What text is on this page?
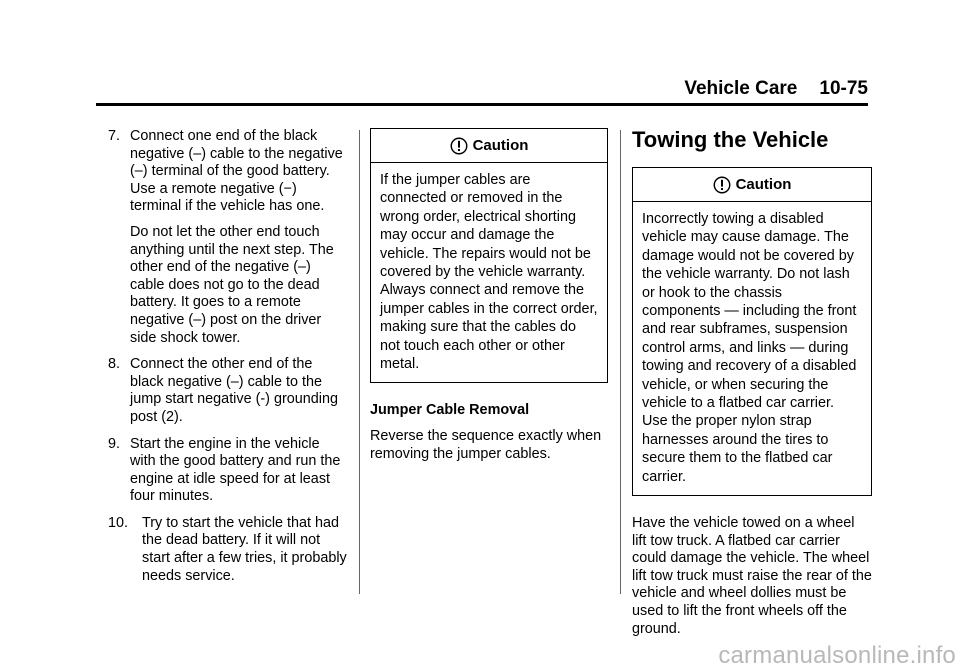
Vehicle Care 10-75
7. Connect one end of the black negative (–) cable to the negative (–) terminal of the good battery. Use a remote negative (−) terminal if the vehicle has one.
Do not let the other end touch anything until the next step. The other end of the negative (–) cable does not go to the dead battery. It goes to a remote negative (–) post on the driver side shock tower.
8. Connect the other end of the black negative (–) cable to the jump start negative (-) grounding post (2).
9. Start the engine in the vehicle with the good battery and run the engine at idle speed for at least four minutes.
10. Try to start the vehicle that had the dead battery. If it will not start after a few tries, it probably needs service.
Caution
If the jumper cables are connected or removed in the wrong order, electrical shorting may occur and damage the vehicle. The repairs would not be covered by the vehicle warranty. Always connect and remove the jumper cables in the correct order, making sure that the cables do not touch each other or other metal.
Jumper Cable Removal
Reverse the sequence exactly when removing the jumper cables.
Towing the Vehicle
Caution
Incorrectly towing a disabled vehicle may cause damage. The damage would not be covered by the vehicle warranty. Do not lash or hook to the chassis components — including the front and rear subframes, suspension control arms, and links — during towing and recovery of a disabled vehicle, or when securing the vehicle to a flatbed car carrier. Use the proper nylon strap harnesses around the tires to secure them to the flatbed car carrier.
Have the vehicle towed on a wheel lift tow truck. A flatbed car carrier could damage the vehicle. The wheel lift tow truck must raise the rear of the vehicle and wheel dollies must be used to lift the front wheels off the ground.
carmanualsonline.info
